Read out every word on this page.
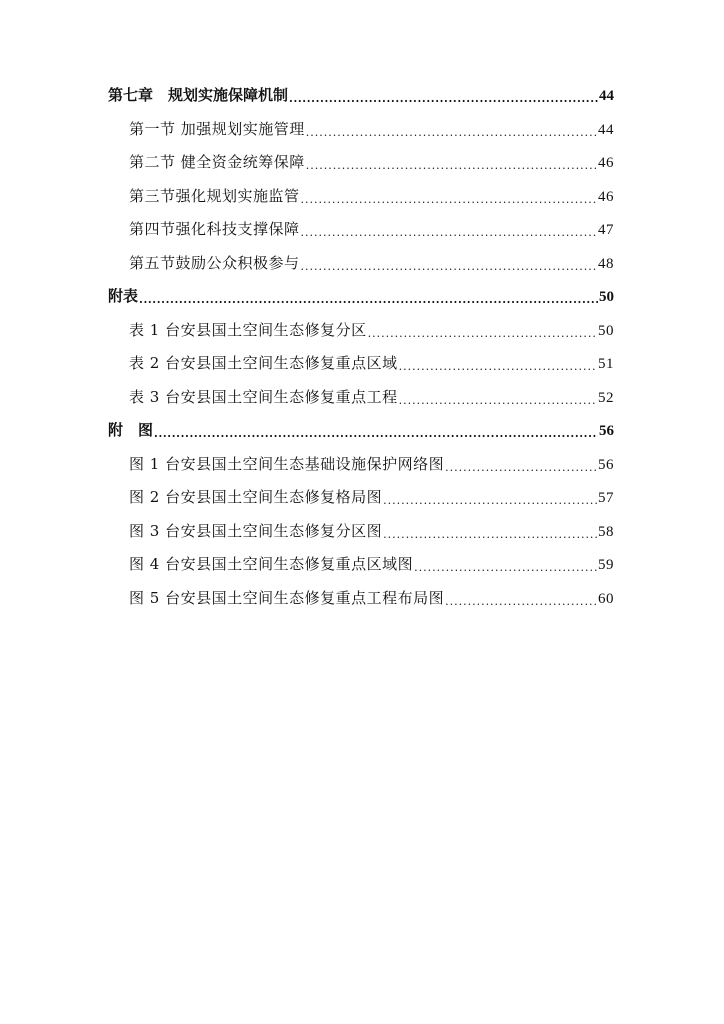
第七章　规划实施保障机制 .....	44
第一节 加强规划实施管理 .....	44
第二节 健全资金统筹保障 .....	46
第三节强化规划实施监管 .....	46
第四节强化科技支撑保障 .....	47
第五节鼓励公众积极参与 .....	48
附表 .....	50
表 1 台安县国土空间生态修复分区 .....	50
表 2 台安县国土空间生态修复重点区域 .....	51
表 3 台安县国土空间生态修复重点工程 .....	52
附　图 .....	56
图 1 台安县国土空间生态基础设施保护网络图 .....	56
图 2 台安县国土空间生态修复格局图 .....	57
图 3 台安县国土空间生态修复分区图 .....	58
图 4 台安县国土空间生态修复重点区域图 .....	59
图 5 台安县国土空间生态修复重点工程布局图 .....	60
